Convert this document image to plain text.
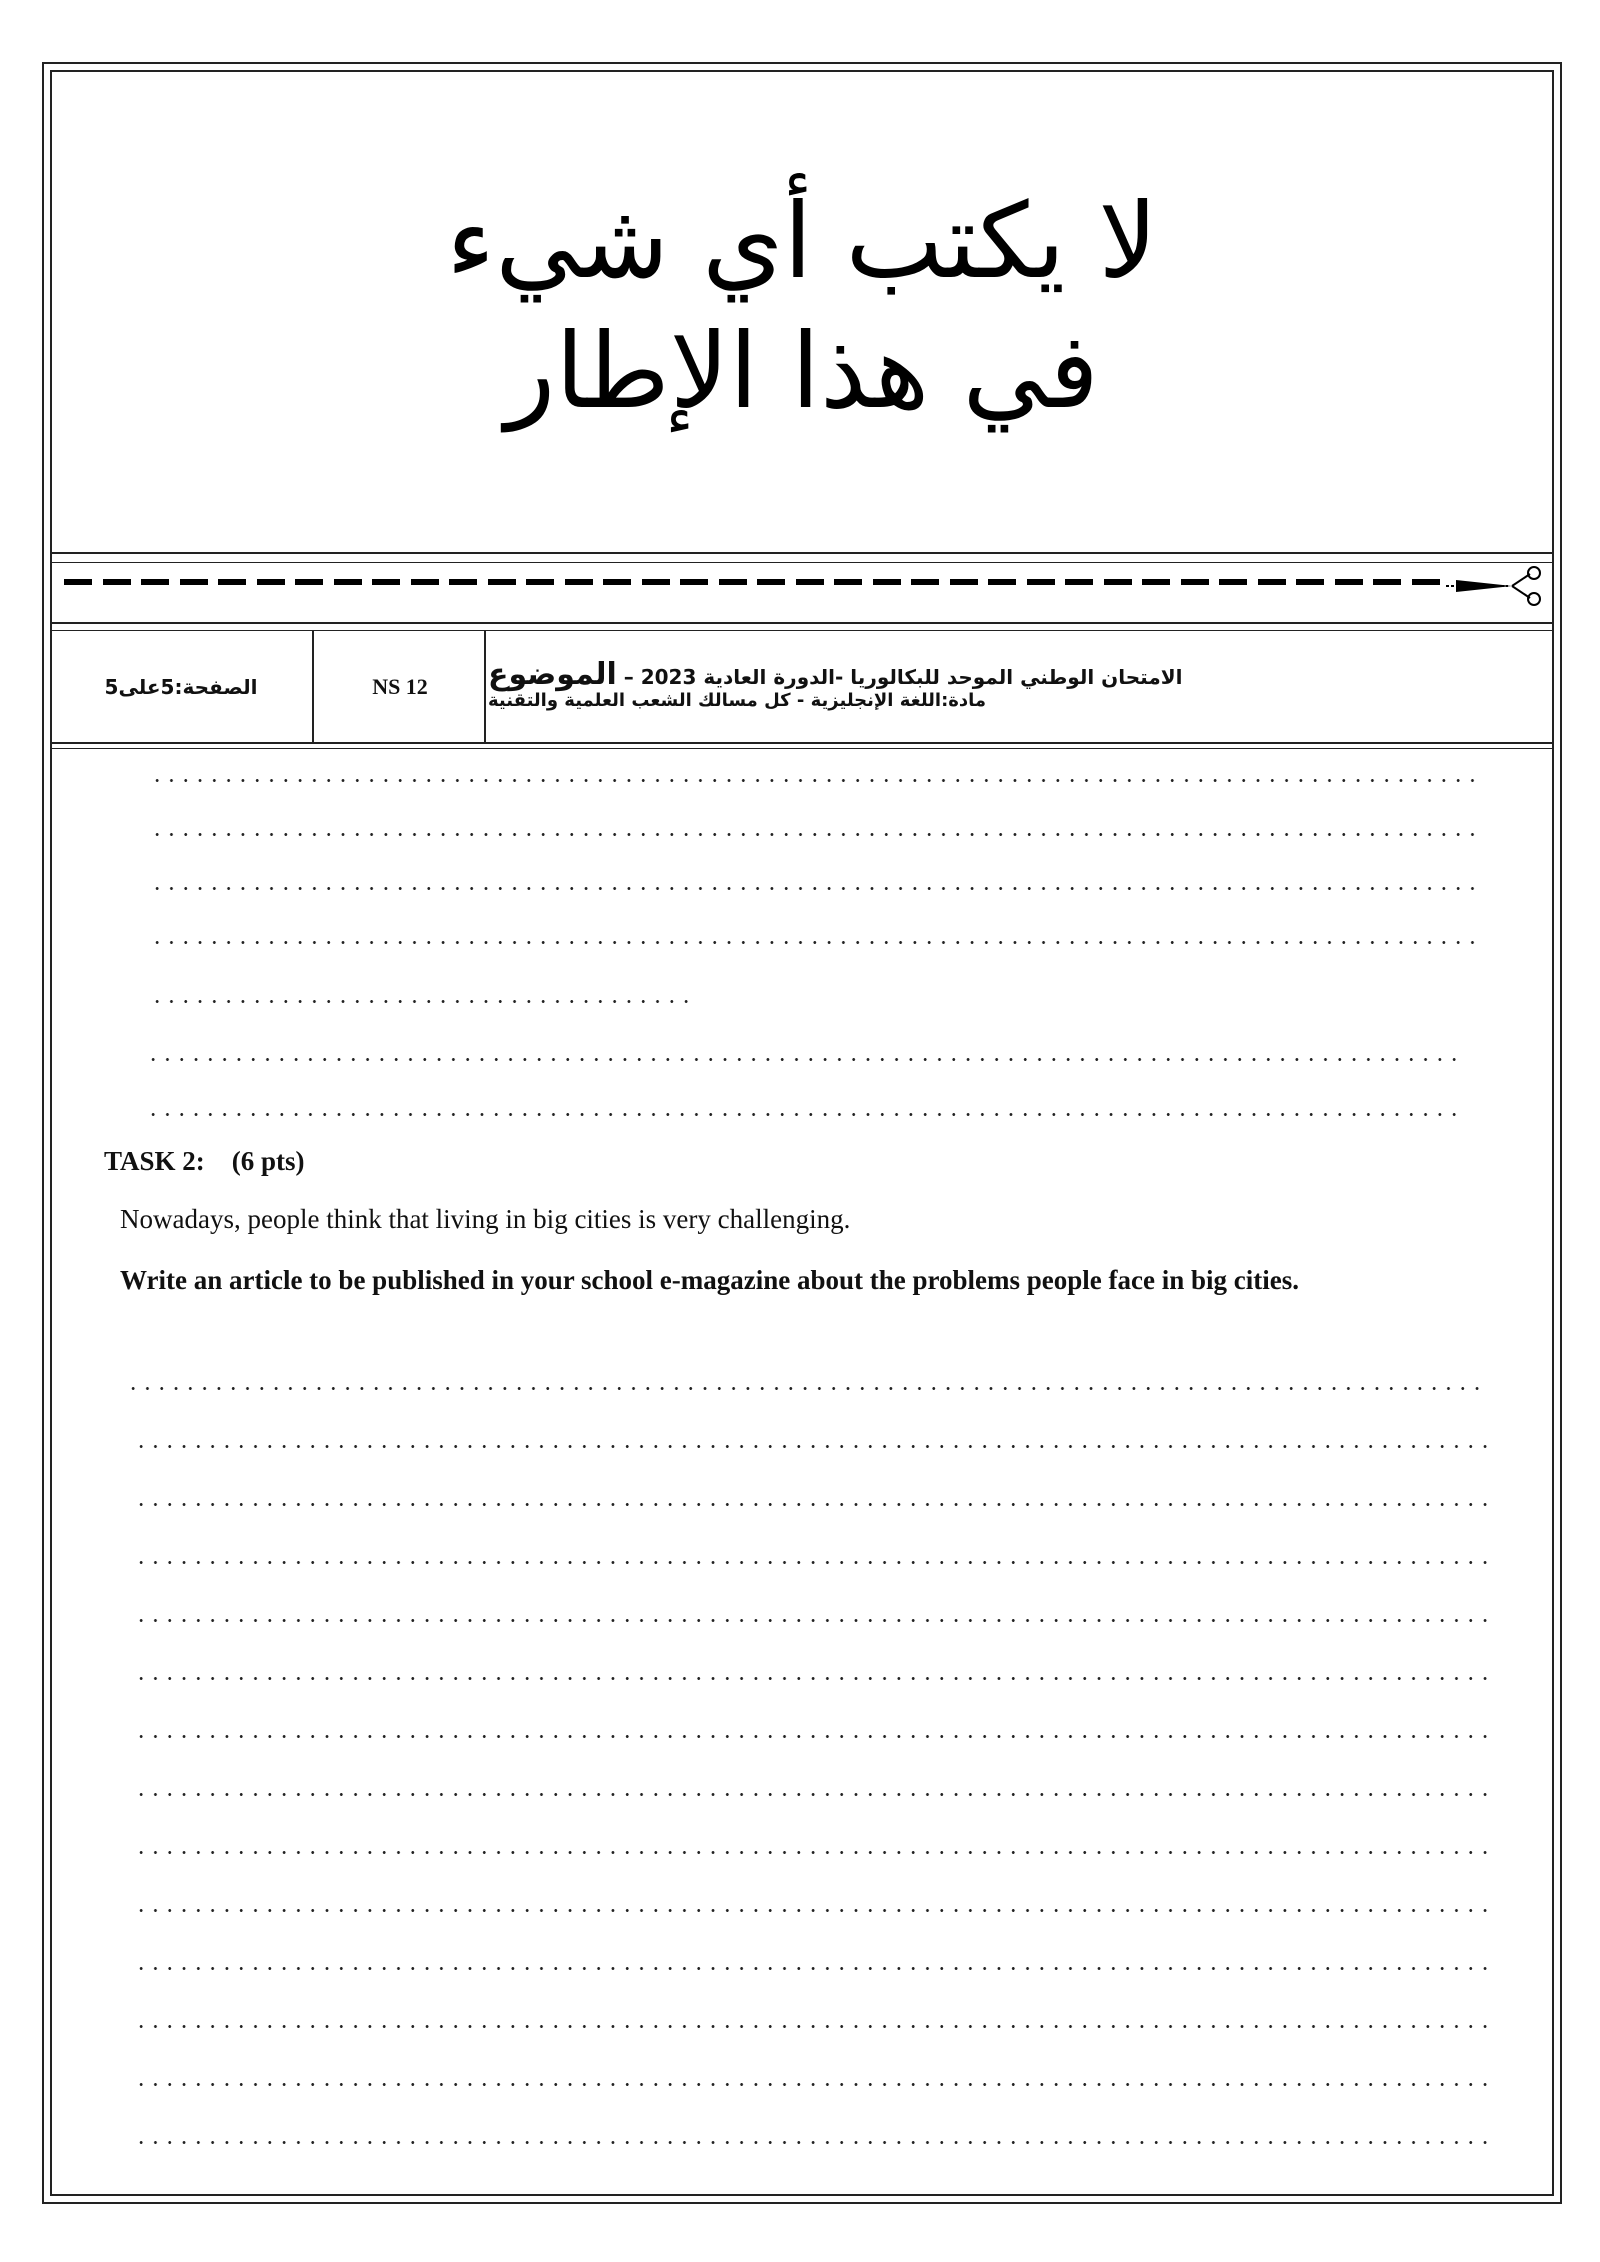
لا يكتب أي شيء
في هذا الإطار
الصفحة:5على5	NS 12	الامتحان الوطني الموحد للبكالوريا -الدورة العادية 2023 – الموضوع
مادة:اللغة الإنجليزية - كل مسالك الشعب العلمية والتقنية
TASK 2:    (6 pts)
Nowadays, people think that living in big cities is very challenging.
Write an article to be published in your school e-magazine about the problems people face in big cities.
